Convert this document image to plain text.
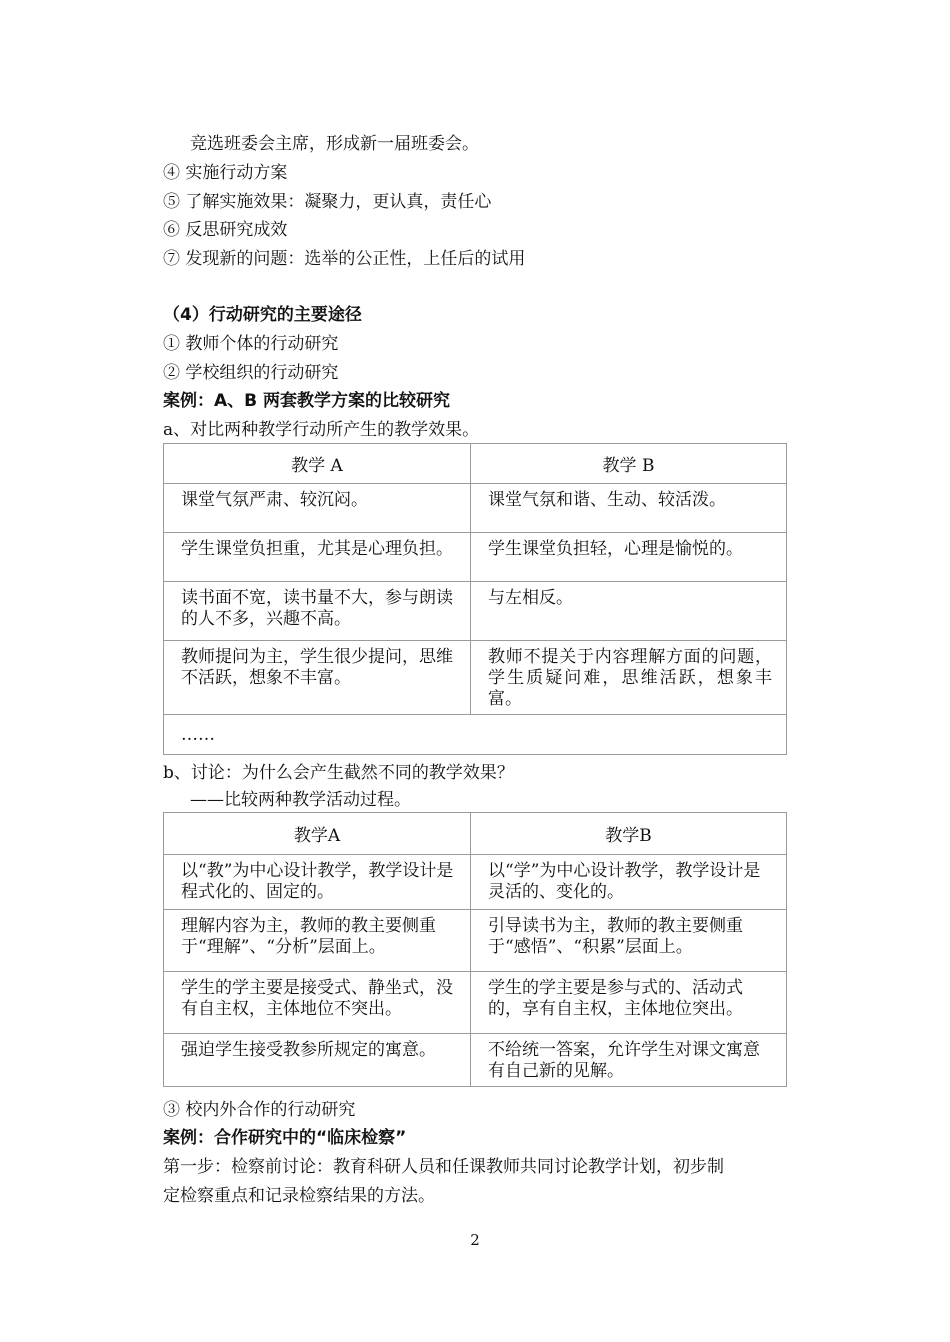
竞选班委会主席，形成新一届班委会。
④ 实施行动方案
⑤ 了解实施效果：凝聚力，更认真，责任心
⑥ 反思研究成效
⑦ 发现新的问题：选举的公正性，上任后的试用
（4）行动研究的主要途径
① 教师个体的行动研究
② 学校组织的行动研究
案例：A、B 两套教学方案的比较研究
a、对比两种教学行动所产生的教学效果。
教学 A	教学 B
课堂气氛严肃、较沉闷。	课堂气氛和谐、生动、较活泼。
学生课堂负担重，尤其是心理负担。	学生课堂负担轻，心理是愉悦的。
读书面不宽，读书量不大，参与朗读的人不多，兴趣不高。	与左相反。
教师提问为主，学生很少提问，思维不活跃，想象不丰富。	教师不提关于内容理解方面的问题，学生质疑问难，思维活跃，想象丰富。
……	
b、讨论：为什么会产生截然不同的教学效果？
——比较两种教学活动过程。
教学A	教学B
以“教”为中心设计教学，教学设计是程式化的、固定的。	以“学”为中心设计教学，教学设计是灵活的、变化的。
理解内容为主，教师的教主要侧重于“理解”、“分析”层面上。	引导读书为主，教师的教主要侧重于“感悟”、“积累”层面上。
学生的学主要是接受式、静坐式，没有自主权，主体地位不突出。	学生的学主要是参与式的、活动式的，享有自主权，主体地位突出。
强迫学生接受教参所规定的寓意。	不给统一答案，允许学生对课文寓意有自己新的见解。
③ 校内外合作的行动研究
案例：合作研究中的“临床检察”
第一步：检察前讨论：教育科研人员和任课教师共同讨论教学计划，初步制
定检察重点和记录检察结果的方法。
2
